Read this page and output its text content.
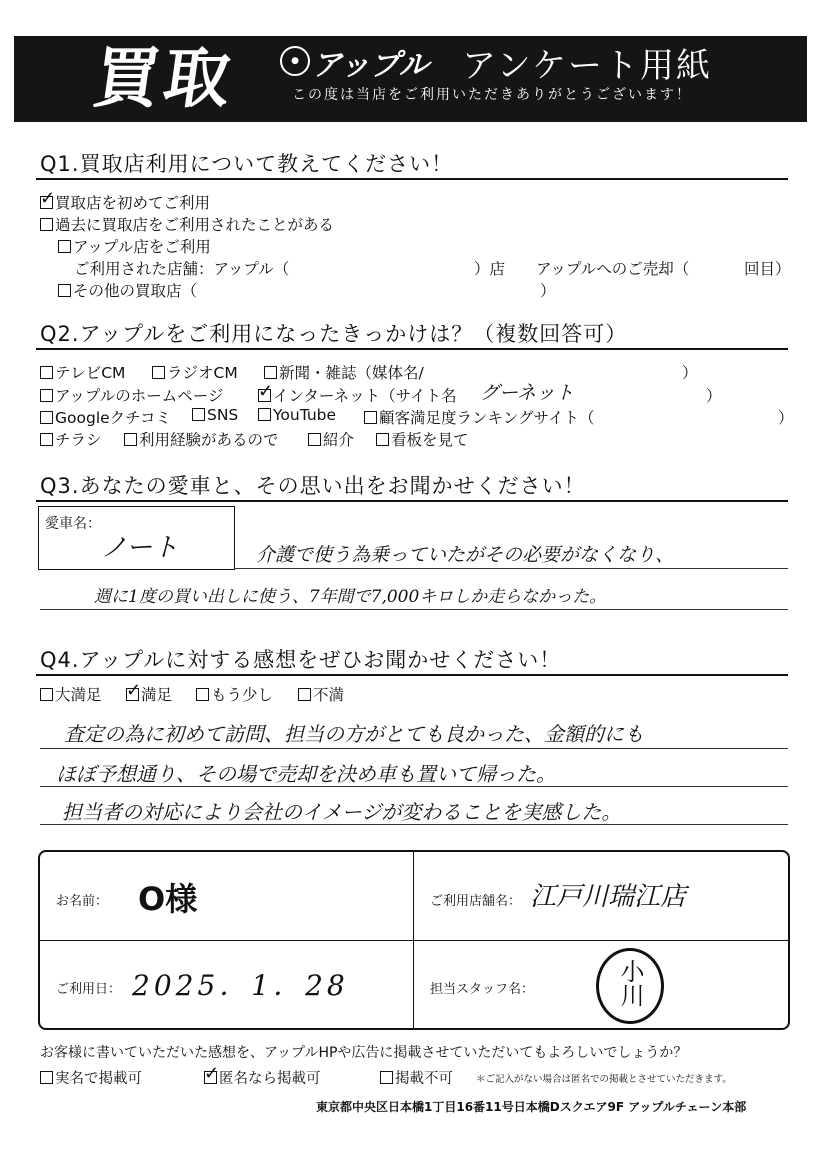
買取	● アップル アンケート用紙
この度は当店をご利用いただきありがとうございます！
Q1.買取店利用について教えてください！
✓買取店を初めてご利用
過去に買取店をご利用されたことがある
アップル店をご利用
ご利用された店舗：アップル（	）店 アップルへのご売却（	回目）
その他の買取店（	）
Q2.アップルをご利用になったきっかけは？（複数回答可）
テレビCM	ラジオCM	新聞・雑誌（媒体名/	）
アップルのホームページ ✓	インターネット（サイト名 グーネット	）
Googleクチコミ	SNS	YouTube	顧客満足度ランキングサイト（	）
チラシ	利用経験があるので	紹介	看板を見て
Q3.あなたの愛車と、その思い出をお聞かせください！
愛車名：
ノート	介護で使う為乗っていたがその必要がなくなり、
週に1度の買い出しに使う、7年間で7,000キロしか走らなかった。
Q4.アップルに対する感想をぜひお聞かせください！
大満足 ✓	満足	もう少し	不満
査定の為に初めて訪問、担当の方がとても良かった、金額的にも
ほぼ予想通り、その場で売却を決め車も置いて帰った。
担当者の対応により会社のイメージが変わることを実感した。
お名前： O様	ご利用店舗名： 江戸川瑞江店
ご利用日： 2025．1．28	担当スタッフ名：	小川
お客様に書いていただいた感想を、アップルHPや広告に掲載させていただいてもよろしいでしょうか？
実名で掲載可 ✓	匿名なら掲載可	掲載不可 ＊ご記入がない場合は匿名での掲載とさせていただきます。
東京都中央区日本橋1丁目16番11号日本橋Dスクエア9F アップルチェーン本部
